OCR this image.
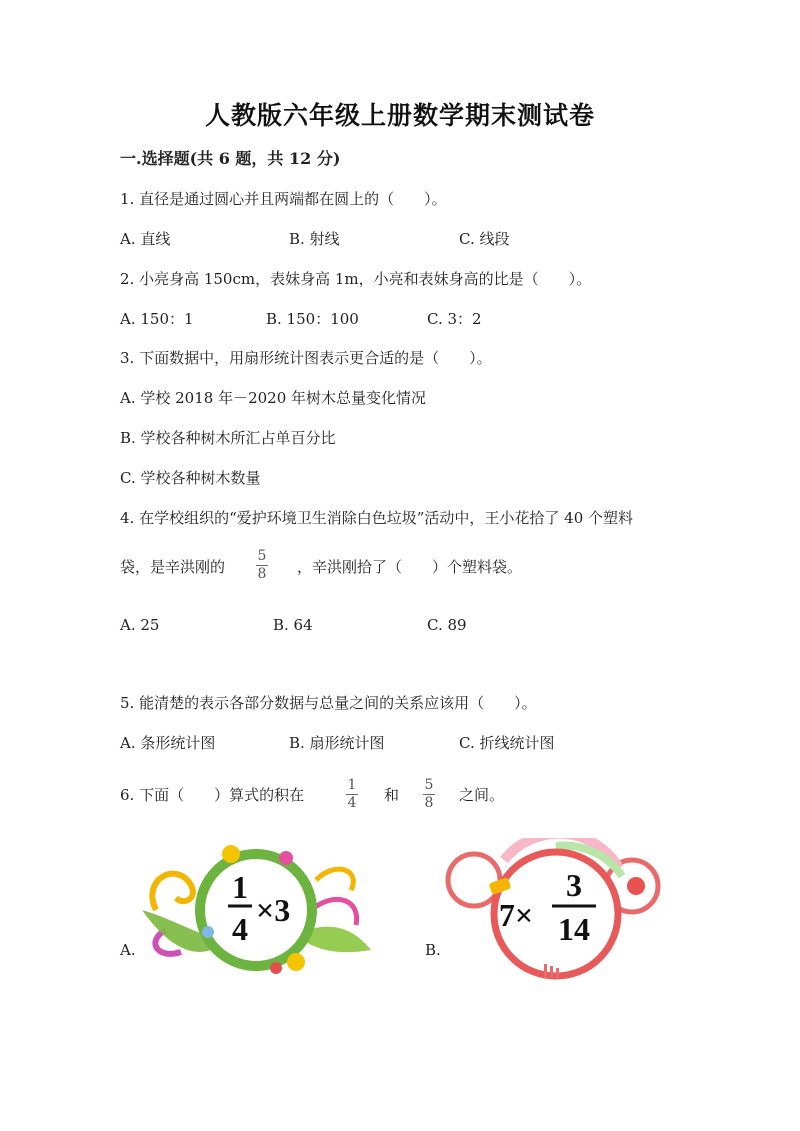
人教版六年级上册数学期末测试卷
一.选择题(共 6 题，共 12 分)
1. 直径是通过圆心并且两端都在圆上的（　　）。
A. 直线	B. 射线	C. 线段
2. 小亮身高 150cm，表妹身高 1m，小亮和表妹身高的比是（　　）。
A. 150：1	B. 150：100	C. 3：2
3. 下面数据中，用扇形统计图表示更合适的是（　　）。
A. 学校 2018 年－2020 年树木总量变化情况
B. 学校各种树木所汇占单百分比
C. 学校各种树木数量
4. 在学校组织的“爱护环境卫生消除白色垃圾”活动中，王小花拾了 40 个塑料
袋，是辛洪刚的
5
8 ，辛洪刚拾了（　　）个塑料袋。
A. 25	B. 64	C. 89
5. 能清楚的表示各部分数据与总量之间的关系应该用（　　）。
A. 条形统计图	B. 扇形统计图	C. 折线统计图
6. 下面（　　）算式的积在
1
4 和
5
8 之间。
A.
1
4
×3
B.
7×
3
14
